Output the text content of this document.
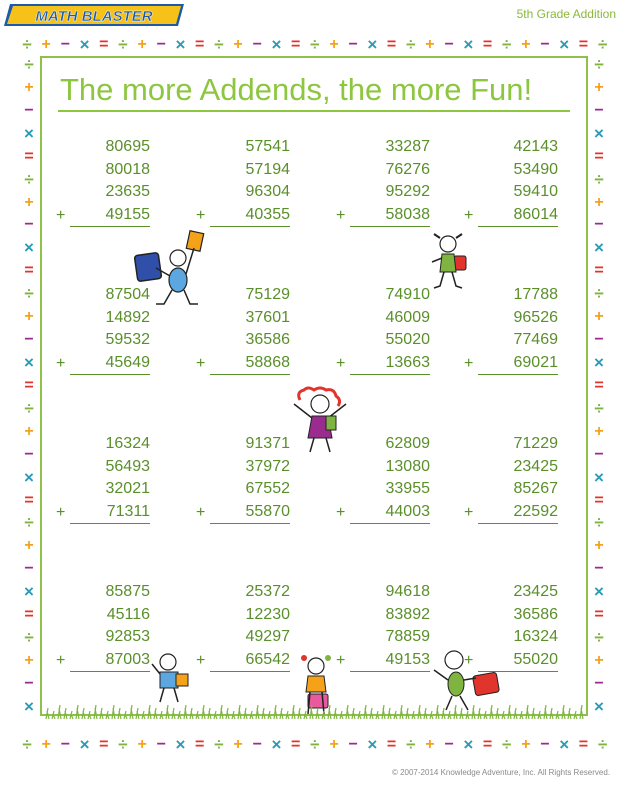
MATH BLASTER	5th Grade Addition
÷ + − × = ÷ + − × = ÷ + − × = ÷ + − × = ÷ + − × = ÷ + − × = ÷
÷ + − × = ÷ + − × = ÷ + − × = ÷ + − × = ÷ + − × = ÷ + − × = ÷
÷
+
−
×
=
÷
+
−
×
=
÷
+
−
×
=
÷
+
−
×
=
÷
+
−
×
=
÷
+
−
×
÷
+
−
×
=
÷
+
−
×
=
÷
+
−
×
=
÷
+
−
×
=
÷
+
−
×
=
÷
+
−
×
The more Addends, the more Fun!
80695
80018
23635
49155
+
57541
57194
96304
40355
+
33287
76276
95292
58038
+
42143
53490
59410
86014
+
87504
14892
59532
45649
+
75129
37601
36586
58868
+
74910
46009
55020
13663
+
17788
96526
77469
69021
+
16324
56493
32021
71311
+
91371
37972
67552
55870
+
62809
13080
33955
44003
+
71229
23425
85267
22592
+
85875
45116
92853
87003
+
25372
12230
49297
66542
+
94618
83892
78859
49153
+
23425
36586
16324
55020
+
© 2007-2014 Knowledge Adventure, Inc. All Rights Reserved.
